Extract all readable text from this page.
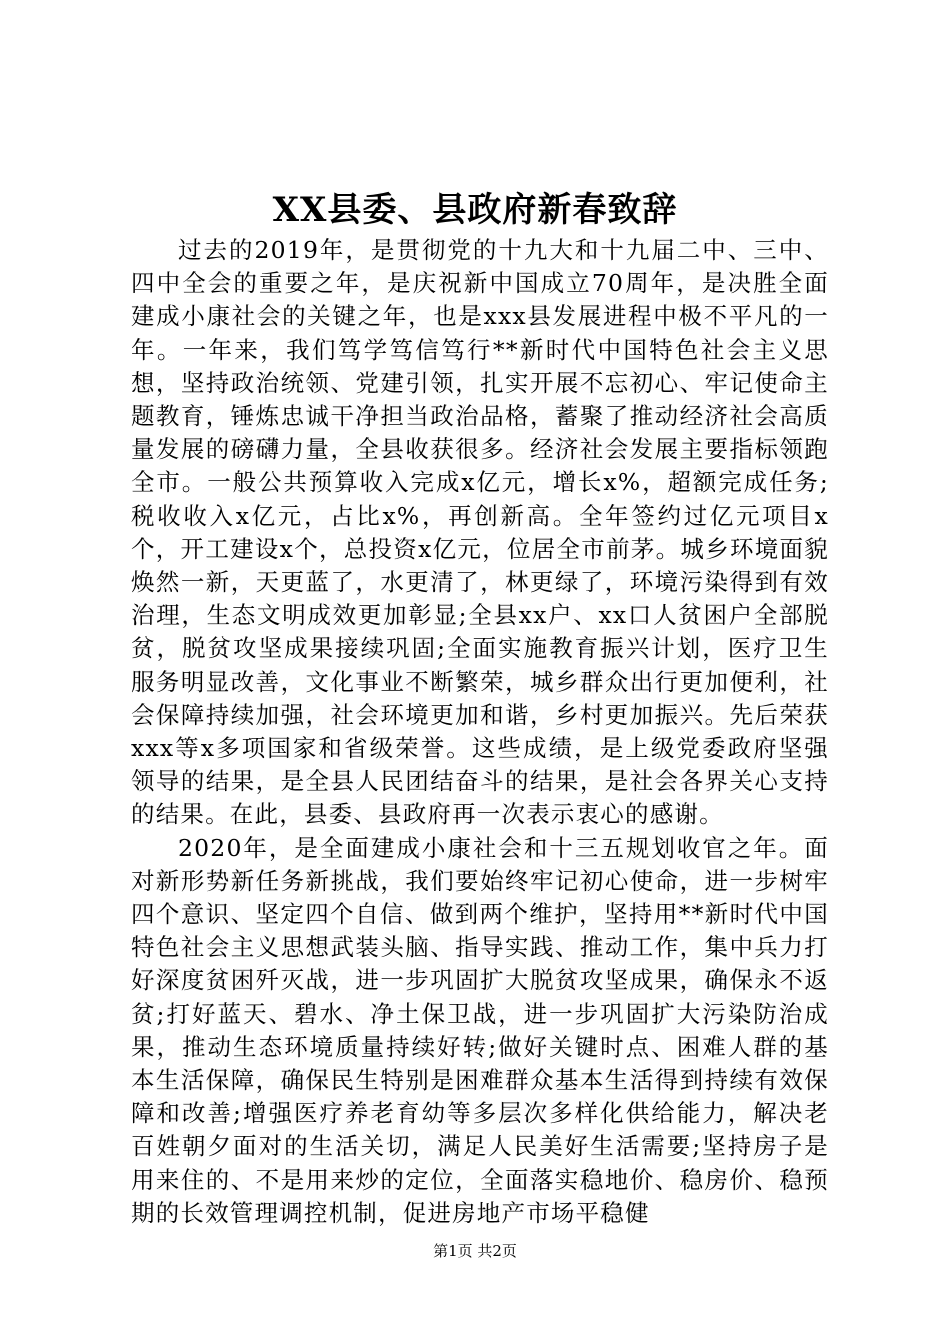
XX县委、县政府新春致辞

过去的2019年，是贯彻党的十九大和十九届二中、三中、四中全会的重要之年，是庆祝新中国成立70周年，是决胜全面建成小康社会的关键之年，也是xxx县发展进程中极不平凡的一年。一年来，我们笃学笃信笃行**新时代中国特色社会主义思想，坚持政治统领、党建引领，扎实开展不忘初心、牢记使命主题教育，锤炼忠诚干净担当政治品格，蓄聚了推动经济社会高质量发展的磅礴力量，全县收获很多。经济社会发展主要指标领跑全市。一般公共预算收入完成x亿元，增长x%，超额完成任务;税收收入x亿元，占比x%，再创新高。全年签约过亿元项目x个，开工建设x个，总投资x亿元，位居全市前茅。城乡环境面貌焕然一新，天更蓝了，水更清了，林更绿了，环境污染得到有效治理，生态文明成效更加彰显;全县xx户、xx口人贫困户全部脱贫，脱贫攻坚成果接续巩固;全面实施教育振兴计划，医疗卫生服务明显改善，文化事业不断繁荣，城乡群众出行更加便利，社会保障持续加强，社会环境更加和谐，乡村更加振兴。先后荣获xxx等x多项国家和省级荣誉。这些成绩，是上级党委政府坚强领导的结果，是全县人民团结奋斗的结果，是社会各界关心支持的结果。在此，县委、县政府再一次表示衷心的感谢。

2020年，是全面建成小康社会和十三五规划收官之年。面对新形势新任务新挑战，我们要始终牢记初心使命，进一步树牢四个意识、坚定四个自信、做到两个维护，坚持用**新时代中国特色社会主义思想武装头脑、指导实践、推动工作，集中兵力打好深度贫困歼灭战，进一步巩固扩大脱贫攻坚成果，确保永不返贫;打好蓝天、碧水、净土保卫战，进一步巩固扩大污染防治成果，推动生态环境质量持续好转;做好关键时点、困难人群的基本生活保障，确保民生特别是困难群众基本生活得到持续有效保障和改善;增强医疗养老育幼等多层次多样化供给能力，解决老百姓朝夕面对的生活关切，满足人民美好生活需要;坚持房子是用来住的、不是用来炒的定位，全面落实稳地价、稳房价、稳预期的长效管理调控机制，促进房地产市场平稳健

第1页 共2页
